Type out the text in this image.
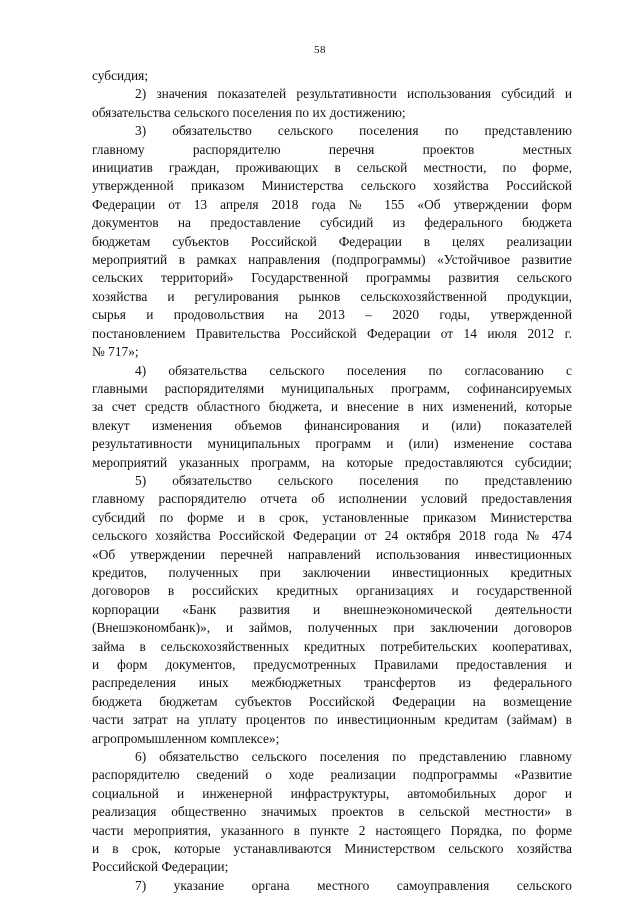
58
субсидия;
2) значения показателей результативности использования субсидий и
обязательства сельского поселения по их достижению;
3) обязательство сельского поселения по представлению
главному распорядителю перечня проектов местных
инициатив граждан, проживающих в сельской местности, по форме,
утвержденной приказом Министерства сельского хозяйства Российской
Федерации от 13 апреля 2018 года № 155 «Об утверждении форм
документов на предоставление субсидий из федерального бюджета
бюджетам субъектов Российской Федерации в целях реализации
мероприятий в рамках направления (подпрограммы) «Устойчивое развитие
сельских территорий» Государственной программы развития сельского
хозяйства и регулирования рынков сельскохозяйственной продукции,
сырья и продовольствия на 2013 – 2020 годы, утвержденной
постановлением Правительства Российской Федерации от 14 июля 2012 г.
№ 717»;
4) обязательства сельского поселения по согласованию с
главными распорядителями муниципальных программ, софинансируемых
за счет средств областного бюджета, и внесение в них изменений, которые
влекут изменения объемов финансирования и (или) показателей
результативности муниципальных программ и (или) изменение состава
мероприятий указанных программ, на которые предоставляются субсидии;
5) обязательство сельского поселения по представлению
главному распорядителю отчета об исполнении условий предоставления
субсидий по форме и в срок, установленные приказом Министерства
сельского хозяйства Российской Федерации от 24 октября 2018 года № 474
«Об утверждении перечней направлений использования инвестиционных
кредитов, полученных при заключении инвестиционных кредитных
договоров в российских кредитных организациях и государственной
корпорации «Банк развития и внешнеэкономической деятельности
(Внешэкономбанк)», и займов, полученных при заключении договоров
займа в сельскохозяйственных кредитных потребительских кооперативах,
и форм документов, предусмотренных Правилами предоставления и
распределения иных межбюджетных трансфертов из федерального
бюджета бюджетам субъектов Российской Федерации на возмещение
части затрат на уплату процентов по инвестиционным кредитам (займам) в
агропромышленном комплексе»;
6) обязательство сельского поселения по представлению главному
распорядителю сведений о ходе реализации подпрограммы «Развитие
социальной и инженерной инфраструктуры, автомобильных дорог и
реализация общественно значимых проектов в сельской местности» в
части мероприятия, указанного в пункте 2 настоящего Порядка, по форме
и в срок, которые устанавливаются Министерством сельского хозяйства
Российской Федерации;
7) указание органа местного самоуправления сельского
